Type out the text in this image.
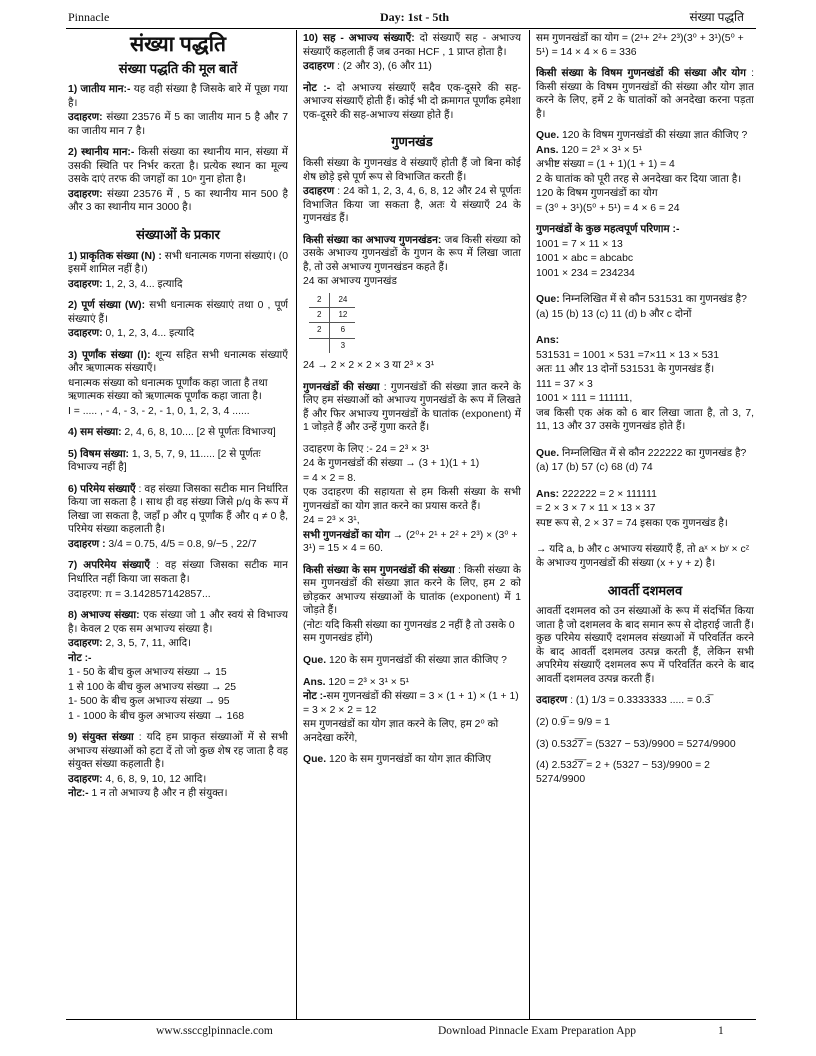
Pinnacle	Day: 1st - 5th	संख्या पद्धति
संख्या पद्धति
संख्या पद्धति की मूल बातें

1) जातीय मान:- यह वही संख्या है जिसके बारे में पूछा गया है।

उदाहरण: संख्या 23576 में 5 का जातीय मान 5 है और 7 का जातीय मान 7 है।

2) स्थानीय मान:- किसी संख्या का स्थानीय मान, संख्या में उसकी स्थिति पर निर्भर करता है। प्रत्येक स्थान का मूल्य उसके दाएं तरफ की जगहों का 10ⁿ गुना होता है।

उदाहरण: संख्या 23576 में , 5 का स्थानीय मान 500 है और 3 का स्थानीय मान 3000 है।

संख्याओं के प्रकार

1) प्राकृतिक संख्या (N) : सभी धनात्मक गणना संख्याएं। (0 इसमें शामिल नहीं है।)

उदाहरण: 1, 2, 3, 4... इत्यादि

2) पूर्ण संख्या (W): सभी धनात्मक संख्याएं तथा 0 , पूर्ण संख्याएं हैं।

उदाहरण: 0, 1, 2, 3, 4... इत्यादि

3) पूर्णांक संख्या (I): शून्य सहित सभी धनात्मक संख्याएँ और ऋणात्मक संख्याएँ।

धनात्मक संख्या को धनात्मक पूर्णांक कहा जाता है तथा ऋणात्मक संख्या को ऋणात्मक पूर्णांक कहा जाता है।

I = ..... , - 4, - 3, - 2, - 1, 0, 1, 2, 3, 4 ......

4) सम संख्या: 2, 4, 6, 8, 10.... [2 से पूर्णतः विभाज्य]

5) विषम संख्या: 1, 3, 5, 7, 9, 11..... [2 से पूर्णतः विभाज्य नहीं है]

6) परिमेय संख्याएँ : वह संख्या जिसका सटीक मान निर्धारित किया जा सकता है । साथ ही वह संख्या जिसे p/q के रूप में लिखा जा सकता है, जहाँ p और q पूर्णांक हैं और q ≠ 0 है, परिमेय संख्या कहलाती है।

उदाहरण : 3/4 = 0.75, 4/5 = 0.8, 9/−5 , 22/7

7) अपरिमेय संख्याएँ : वह संख्या जिसका सटीक मान निर्धारित नहीं किया जा सकता है।

उदाहरण: π = 3.142857142857...

8) अभाज्य संख्या: एक संख्या जो 1 और स्वयं से विभाज्य है। केवल 2 एक सम अभाज्य संख्या है।

उदाहरण: 2, 3, 5, 7, 11, आदि।

नोट :-

1 - 50 के बीच कुल अभाज्य संख्या → 15

1 से 100 के बीच कुल अभाज्य संख्या → 25

1- 500 के बीच कुल अभाज्य संख्या → 95

1 - 1000 के बीच कुल अभाज्य संख्या → 168

9) संयुक्त संख्या : यदि हम प्राकृत संख्याओं में से सभी अभाज्य संख्याओं को हटा दें तो जो कुछ शेष रह जाता है वह संयुक्त संख्या कहलाती है।

उदाहरण: 4, 6, 8, 9, 10, 12 आदि।

नोट:- 1 न तो अभाज्य है और न ही संयुक्त।

10) सह - अभाज्य संख्याएँ: दो संख्याएँ सह - अभाज्य संख्याएँ कहलाती हैं जब उनका HCF , 1 प्राप्त होता है।

उदाहरण : (2 और 3), (6 और 11)

नोट :- दो अभाज्य संख्याएँ सदैव एक-दूसरे की सह-अभाज्य संख्याएँ होती हैं। कोई भी दो क्रमागत पूर्णांक हमेशा एक-दूसरे की सह-अभाज्य संख्या होते हैं।

गुणनखंड

किसी संख्या के गुणनखंड वे संख्याएँ होती हैं जो बिना कोई शेष छोड़े इसे पूर्ण रूप से विभाजित करती हैं।

उदाहरण : 24 को 1, 2, 3, 4, 6, 8, 12 और 24 से पूर्णतः विभाजित किया जा सकता है, अतः ये संख्याएँ 24 के गुणनखंड हैं।

किसी संख्या का अभाज्य गुणनखंडन: जब किसी संख्या को उसके अभाज्य गुणनखंडों के गुणन के रूप में लिखा जाता है, तो उसे अभाज्य गुणनखंडन कहते हैं।

24 का अभाज्य गुणनखंड

2	24
2	12
2	6
	3

24 → 2 × 2 × 2 × 3 या 2³ × 3¹

गुणनखंडों की संख्या : गुणनखंडों की संख्या ज्ञात करने के लिए हम संख्याओं को अभाज्य गुणनखंडों के रूप में लिखते हैं और फिर अभाज्य गुणनखंडों के घातांक (exponent) में 1 जोड़ते हैं और उन्हें गुणा करते हैं।

उदाहरण के लिए :- 24 = 2³ × 3¹

24 के गुणनखंडों की संख्या → (3 + 1)(1 + 1)

= 4 × 2 = 8.

एक उदाहरण की सहायता से हम किसी संख्या के सभी गुणनखंडों का योग ज्ञात करने का प्रयास करते हैं।

24 = 2³ × 3¹,

सभी गुणनखंडों का योग → (2⁰+ 2¹ + 2² + 2³) × (3⁰ + 3¹) = 15 × 4 = 60.

किसी संख्या के सम गुणनखंडों की संख्या : किसी संख्या के सम गुणनखंडों की संख्या ज्ञात करने के लिए, हम 2 को छोड़कर अभाज्य संख्याओं के घातांक (exponent) में 1 जोड़ते हैं।

(नोटः यदि किसी संख्या का गुणनखंड 2 नहीं है तो उसके 0 सम गुणनखंड होंगे)

Que. 120 के सम गुणनखंडों की संख्या ज्ञात कीजिए ?

Ans. 120 = 2³ × 3¹ × 5¹

नोट :-सम गुणनखंडों की संख्या = 3 × (1 + 1) × (1 + 1) = 3 × 2 × 2 = 12

सम गुणनखंडों का योग ज्ञात करने के लिए, हम 2⁰ को अनदेखा करेंगे,

Que. 120 के सम गुणनखंडों का योग ज्ञात कीजिए

सम गुणनखंडों का योग = (2¹+ 2²+ 2³)(3⁰ + 3¹)(5⁰ + 5¹) = 14 × 4 × 6 = 336

किसी संख्या के विषम गुणनखंडों की संख्या और योग : किसी संख्या के विषम गुणनखंडों की संख्या और योग ज्ञात करने के लिए, हमें 2 के घातांकों को अनदेखा करना पड़ता है।

Que. 120 के विषम गुणनखंडों की संख्या ज्ञात कीजिए ?

Ans. 120 = 2³ × 3¹ × 5¹

अभीष्ट संख्या = (1 + 1)(1 + 1) = 4

2 के घातांक को पूरी तरह से अनदेखा कर दिया जाता है।

120 के विषम गुणनखंडों का योग

= (3⁰ + 3¹)(5⁰ + 5¹) = 4 × 6 = 24

गुणनखंडों के कुछ महत्वपूर्ण परिणाम :-

1001 = 7 × 11 × 13

1001 × abc = abcabc

1001 × 234 = 234234

Que: निम्नलिखित में से कौन 531531 का गुणनखंड है?

(a) 15 (b) 13 (c) 11 (d) b और c दोनों

Ans:

531531 = 1001 × 531 =7×11 × 13 × 531

अतः 11 और 13 दोनों 531531 के गुणनखंड हैं।

111 = 37 × 3

1001 × 111 = 111111,

जब किसी एक अंक को 6 बार लिखा जाता है, तो 3, 7, 11, 13 और 37 उसके गुणनखंड होते हैं।

Que. निम्नलिखित में से कौन 222222 का गुणनखंड है?

(a) 17 (b) 57 (c) 68 (d) 74

Ans: 222222 = 2 × 111111

= 2 × 3 × 7 × 11 × 13 × 37

स्पष्ट रूप से, 2 × 37 = 74 इसका एक गुणनखंड है।

→ यदि a, b और c अभाज्य संख्याएँ हैं, तो aˣ × bʸ × cᶻ के अभाज्य गुणनखंडों की संख्या (x + y + z) है।

आवर्ती दशमलव

आवर्ती दशमलव को उन संख्याओं के रूप में संदर्भित किया जाता है जो दशमलव के बाद समान रूप से दोहराई जाती हैं। कुछ परिमेय संख्याएँ दशमलव संख्याओं में परिवर्तित करने के बाद आवर्ती दशमलव उत्पन्न करती हैं, लेकिन सभी अपरिमेय संख्याएँ दशमलव रूप में परिवर्तित करने के बाद आवर्ती दशमलव उत्पन्न करती हैं।

उदाहरण : (1) 1/3 = 0.3333333 ..... = 0.3̅

(2) 0.9̅ = 9/9 = 1

(3) 0.532̅7̅ = (5327 − 53)/9900 = 5274/9900

(4) 2.532̅7̅ = 2 + (5327 − 53)/9900 = 2 5274/9900

www.ssccglpinnacle.com	Download Pinnacle Exam Preparation App	1
